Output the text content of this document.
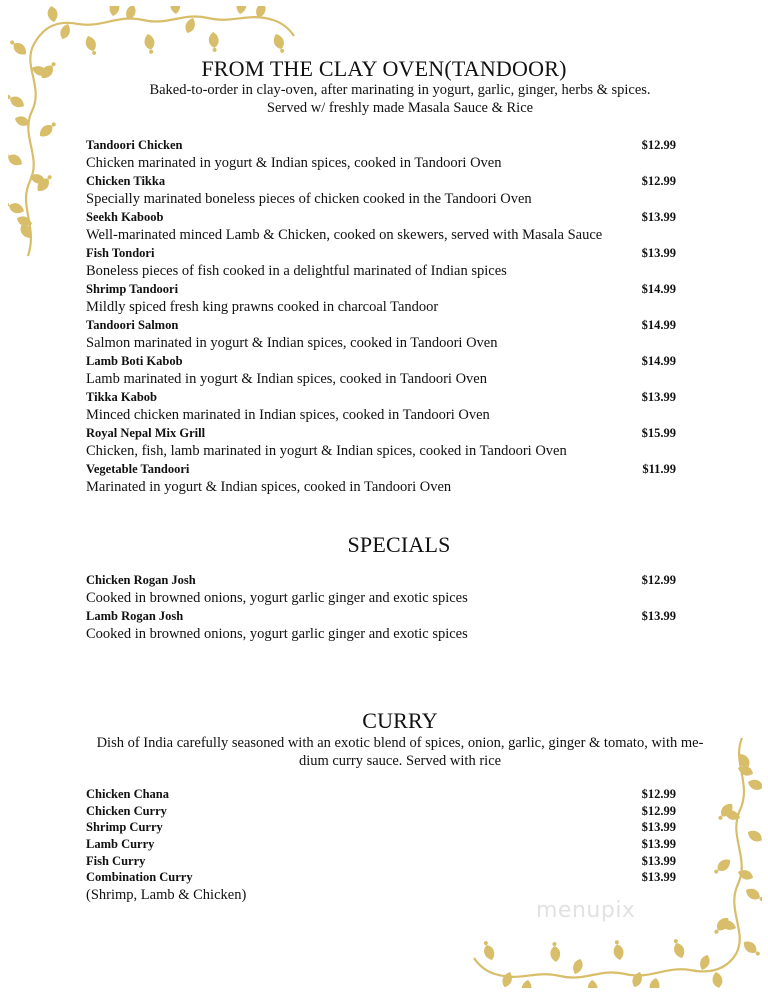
FROM THE CLAY OVEN(TANDOOR)
Baked-to-order in clay-oven, after marinating in yogurt, garlic, ginger, herbs & spices.
Served w/ freshly made Masala Sauce & Rice
Tandoori Chicken	$12.99
Chicken marinated in yogurt & Indian spices, cooked in Tandoori Oven
Chicken Tikka	$12.99
Specially marinated boneless pieces of chicken cooked in the Tandoori Oven
Seekh Kaboob	$13.99
Well-marinated minced Lamb & Chicken, cooked on skewers, served with Masala Sauce
Fish Tondori	$13.99
Boneless pieces of fish cooked in a delightful marinated of Indian spices
Shrimp Tandoori	$14.99
Mildly spiced fresh king prawns cooked in charcoal Tandoor
Tandoori Salmon	$14.99
Salmon marinated in yogurt & Indian spices, cooked in Tandoori Oven
Lamb Boti Kabob	$14.99
Lamb marinated in yogurt & Indian spices, cooked in Tandoori Oven
Tikka Kabob	$13.99
Minced chicken marinated in Indian spices, cooked in Tandoori Oven
Royal Nepal Mix Grill	$15.99
Chicken, fish, lamb marinated in yogurt & Indian spices, cooked in Tandoori Oven
Vegetable Tandoori	$11.99
Marinated in yogurt & Indian spices, cooked in Tandoori Oven
SPECIALS
Chicken Rogan Josh	$12.99
Cooked in browned onions, yogurt garlic ginger and exotic spices
Lamb Rogan Josh	$13.99
Cooked in browned onions, yogurt garlic ginger and exotic spices
CURRY
Dish of India carefully seasoned with an exotic blend of spices, onion, garlic, ginger & tomato, with me-
dium curry sauce. Served with rice
Chicken Chana	$12.99
Chicken Curry	$12.99
Shrimp Curry	$13.99
Lamb Curry	$13.99
Fish Curry	$13.99
Combination Curry	$13.99
(Shrimp, Lamb & Chicken)
menupix
